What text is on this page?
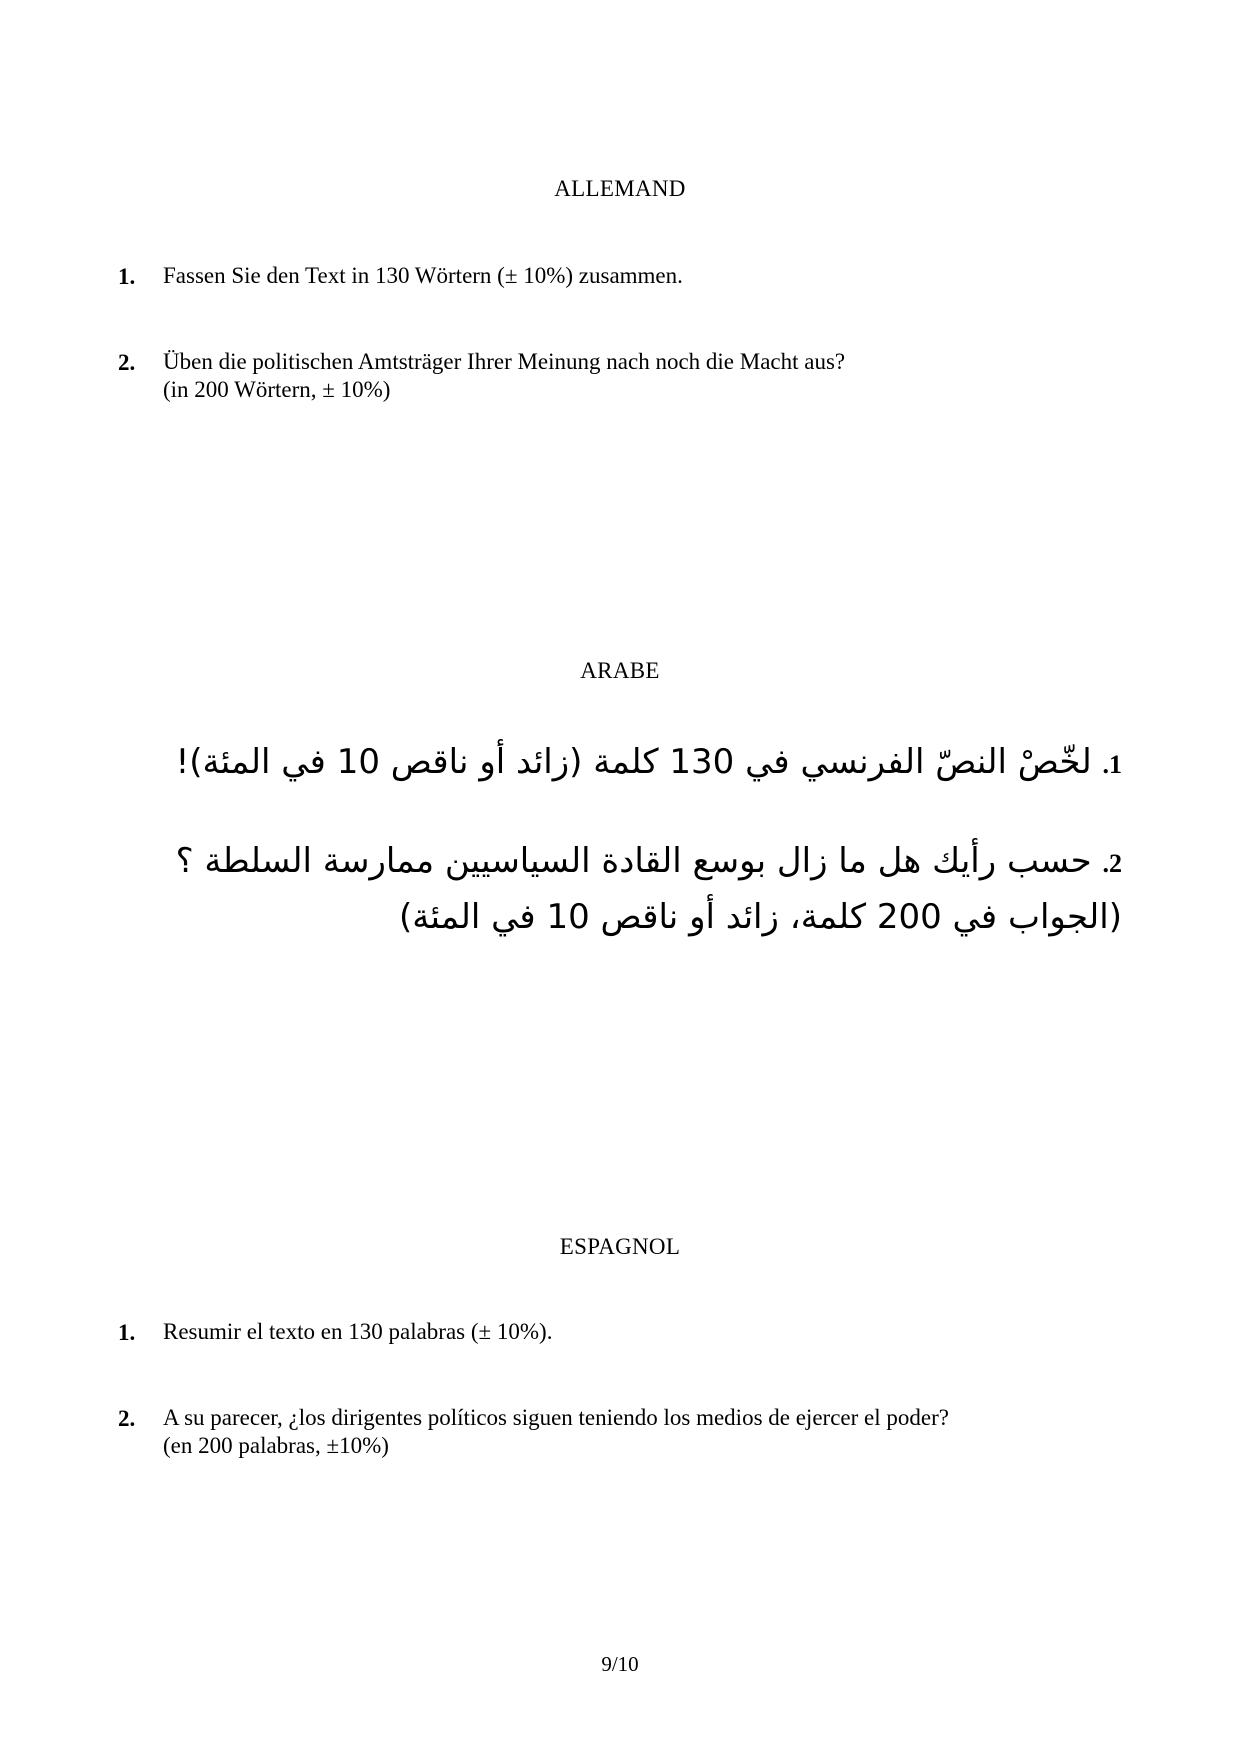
ALLEMAND
1. Fassen Sie den Text in 130 Wörtern (± 10%) zusammen.
2. Üben die politischen Amtsträger Ihrer Meinung nach noch die Macht aus?
(in 200 Wörtern, ± 10%)
ARABE
1. لخّصْ النصّ الفرنسي في 130 كلمة (زائد أو ناقص 10 في المئة)!
2. حسب رأيك هل ما زال بوسع القادة السياسيين ممارسة السلطة ؟
(الجواب في 200 كلمة، زائد أو ناقص 10 في المئة)
ESPAGNOL
1. Resumir el texto en 130 palabras (± 10%).
2. A su parecer, ¿los dirigentes políticos siguen teniendo los medios de ejercer el poder?
(en 200 palabras, ±10%)
9/10
